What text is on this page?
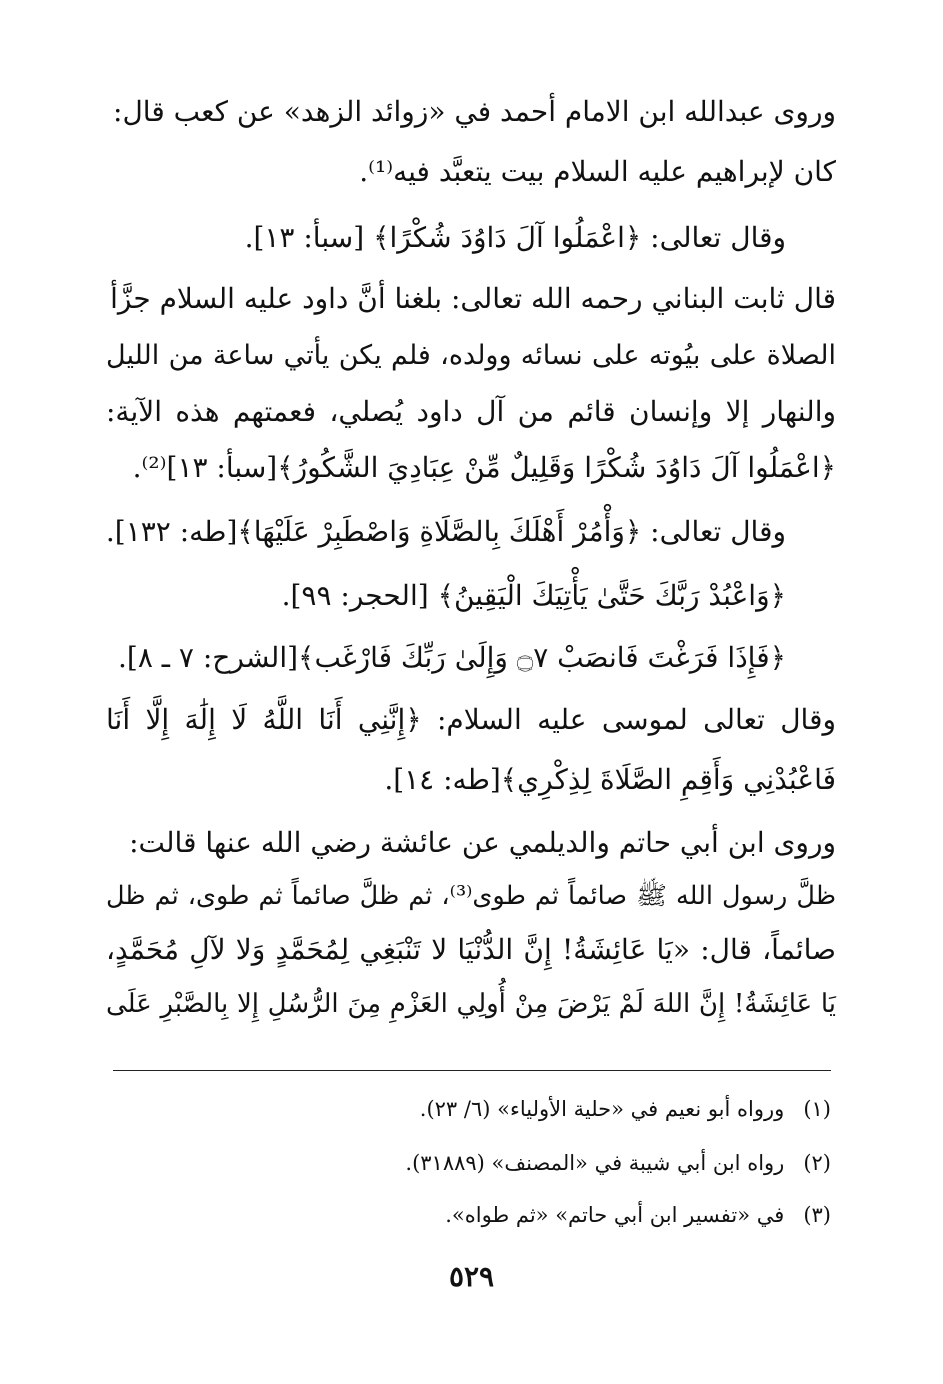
وروى عبدالله ابن الامام أحمد في «زوائد الزهد» عن كعب قال:
كان لإبراهيم عليه السلام بيت يتعبَّد فيه⁽¹⁾.
وقال تعالى: ﴿اعْمَلُوا آلَ دَاوُدَ شُكْرًا﴾ [سبأ: ١٣].
قال ثابت البناني رحمه الله تعالى: بلغنا أنَّ داود عليه السلام جزَّأ
الصلاة على بيُوته على نسائه وولده، فلم يكن يأتي ساعة من الليل
والنهار إلا وإنسان قائم من آل داود يُصلي، فعمتهم هذه الآية:
﴿اعْمَلُوا آلَ دَاوُدَ شُكْرًا وَقَلِيلٌ مِّنْ عِبَادِيَ الشَّكُورُ﴾[سبأ: ١٣]⁽²⁾.
وقال تعالى: ﴿وَأْمُرْ أَهْلَكَ بِالصَّلَاةِ وَاصْطَبِرْ عَلَيْهَا﴾[طه: ١٣٢].
﴿وَاعْبُدْ رَبَّكَ حَتَّىٰ يَأْتِيَكَ الْيَقِينُ﴾ [الحجر: ٩٩].
﴿فَإِذَا فَرَغْتَ فَانصَبْ ۝٧ وَإِلَىٰ رَبِّكَ فَارْغَب﴾[الشرح: ٧ ـ ٨].
وقال تعالى لموسى عليه السلام: ﴿إِنَّنِي أَنَا اللَّهُ لَا إِلَٰهَ إِلَّا أَنَا
فَاعْبُدْنِي وَأَقِمِ الصَّلَاةَ لِذِكْرِي﴾[طه: ١٤].
وروى ابن أبي حاتم والديلمي عن عائشة رضي الله عنها قالت:
ظلَّ رسول الله ﷺ صائماً ثم طوى⁽³⁾، ثم ظلَّ صائماً ثم طوى، ثم ظل
صائماً، قال: «يَا عَائِشَةُ! إِنَّ الدُّنْيَا لا تَنْبَغِي لِمُحَمَّدٍ وَلا لآلِ مُحَمَّدٍ،
يَا عَائِشَةُ! إِنَّ اللهَ لَمْ يَرْضَ مِنْ أُولِي العَزْمِ مِنَ الرُّسُلِ إِلا بِالصَّبْرِ عَلَى
(١) ورواه أبو نعيم في «حلية الأولياء» (٦/ ٢٣).
(٢) رواه ابن أبي شيبة في «المصنف» (٣١٨٨٩).
(٣) في «تفسير ابن أبي حاتم» «ثم طواه».
٥٢٩
